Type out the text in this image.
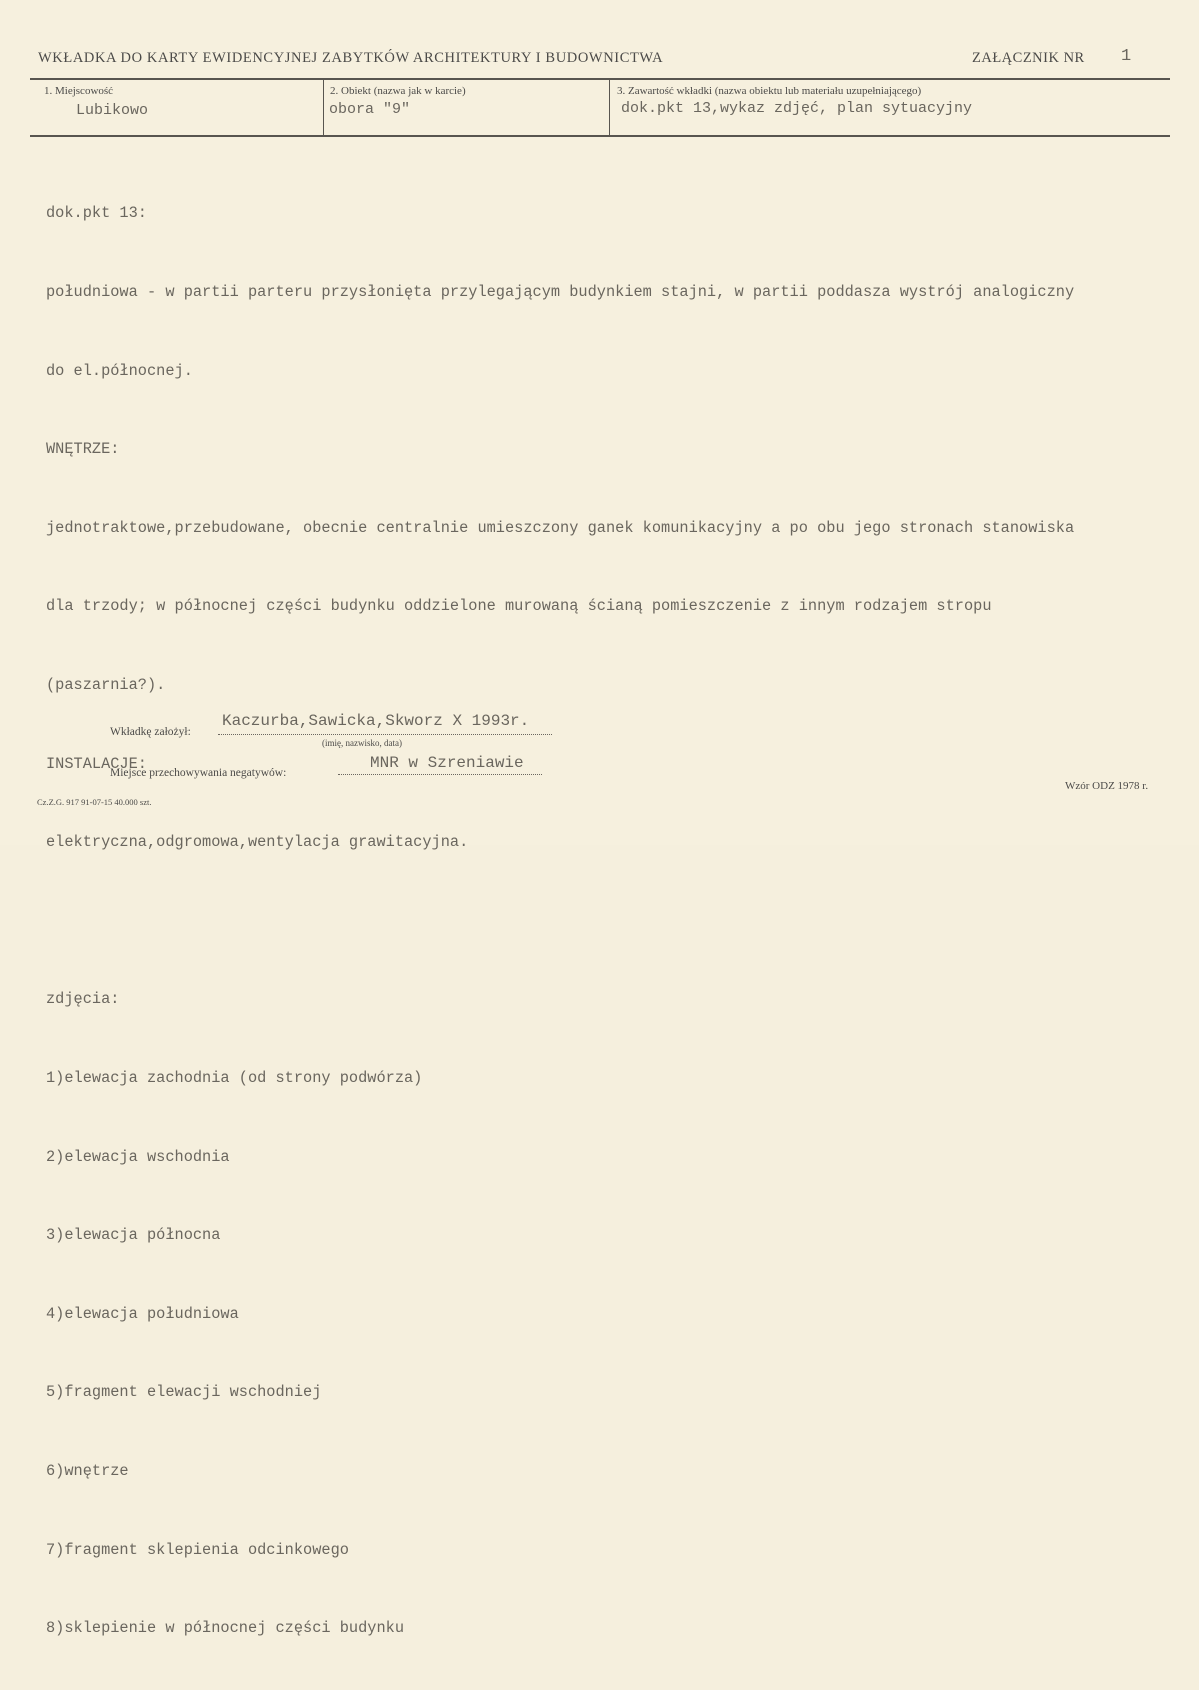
WKŁADKA DO KARTY EWIDENCYJNEJ ZABYTKÓW ARCHITEKTURY I BUDOWNICTWA	ZAŁĄCZNIK NR 1
1. Miejscowość
Lubikowo
2. Obiekt (nazwa jak w karcie)
obora "9"
3. Zawartość wkładki (nazwa obiektu lub materiału uzupełniającego)
dok.pkt 13,wykaz zdjęć, plan sytuacyjny

dok.pkt 13:

południowa - w partii parteru przysłonięta przylegającym budynkiem stajni, w partii poddasza wystrój analogiczny

do el.północnej.

WNĘTRZE:

jednotraktowe,przebudowane, obecnie centralnie umieszczony ganek komunikacyjny a po obu jego stronach stanowiska

dla trzody; w północnej części budynku oddzielone murowaną ścianą pomieszczenie z innym rodzajem stropu

(paszarnia?).

INSTALACJE:

elektryczna,odgromowa,wentylacja grawitacyjna.

zdjęcia:

1)elewacja zachodnia (od strony podwórza)

2)elewacja wschodnia

3)elewacja północna

4)elewacja południowa

5)fragment elewacji wschodniej

6)wnętrze

7)fragment sklepienia odcinkowego

8)sklepienie w północnej części budynku

Wkładkę założył:
Kaczurba,Sawicka,Skworz X 1993r.
(imię, nazwisko, data)
Miejsce przechowywania negatywów:
MNR w Szreniawie
Wzór ODZ 1978 r.
Cz.Z.G. 917 91-07-15 40.000 szt.
